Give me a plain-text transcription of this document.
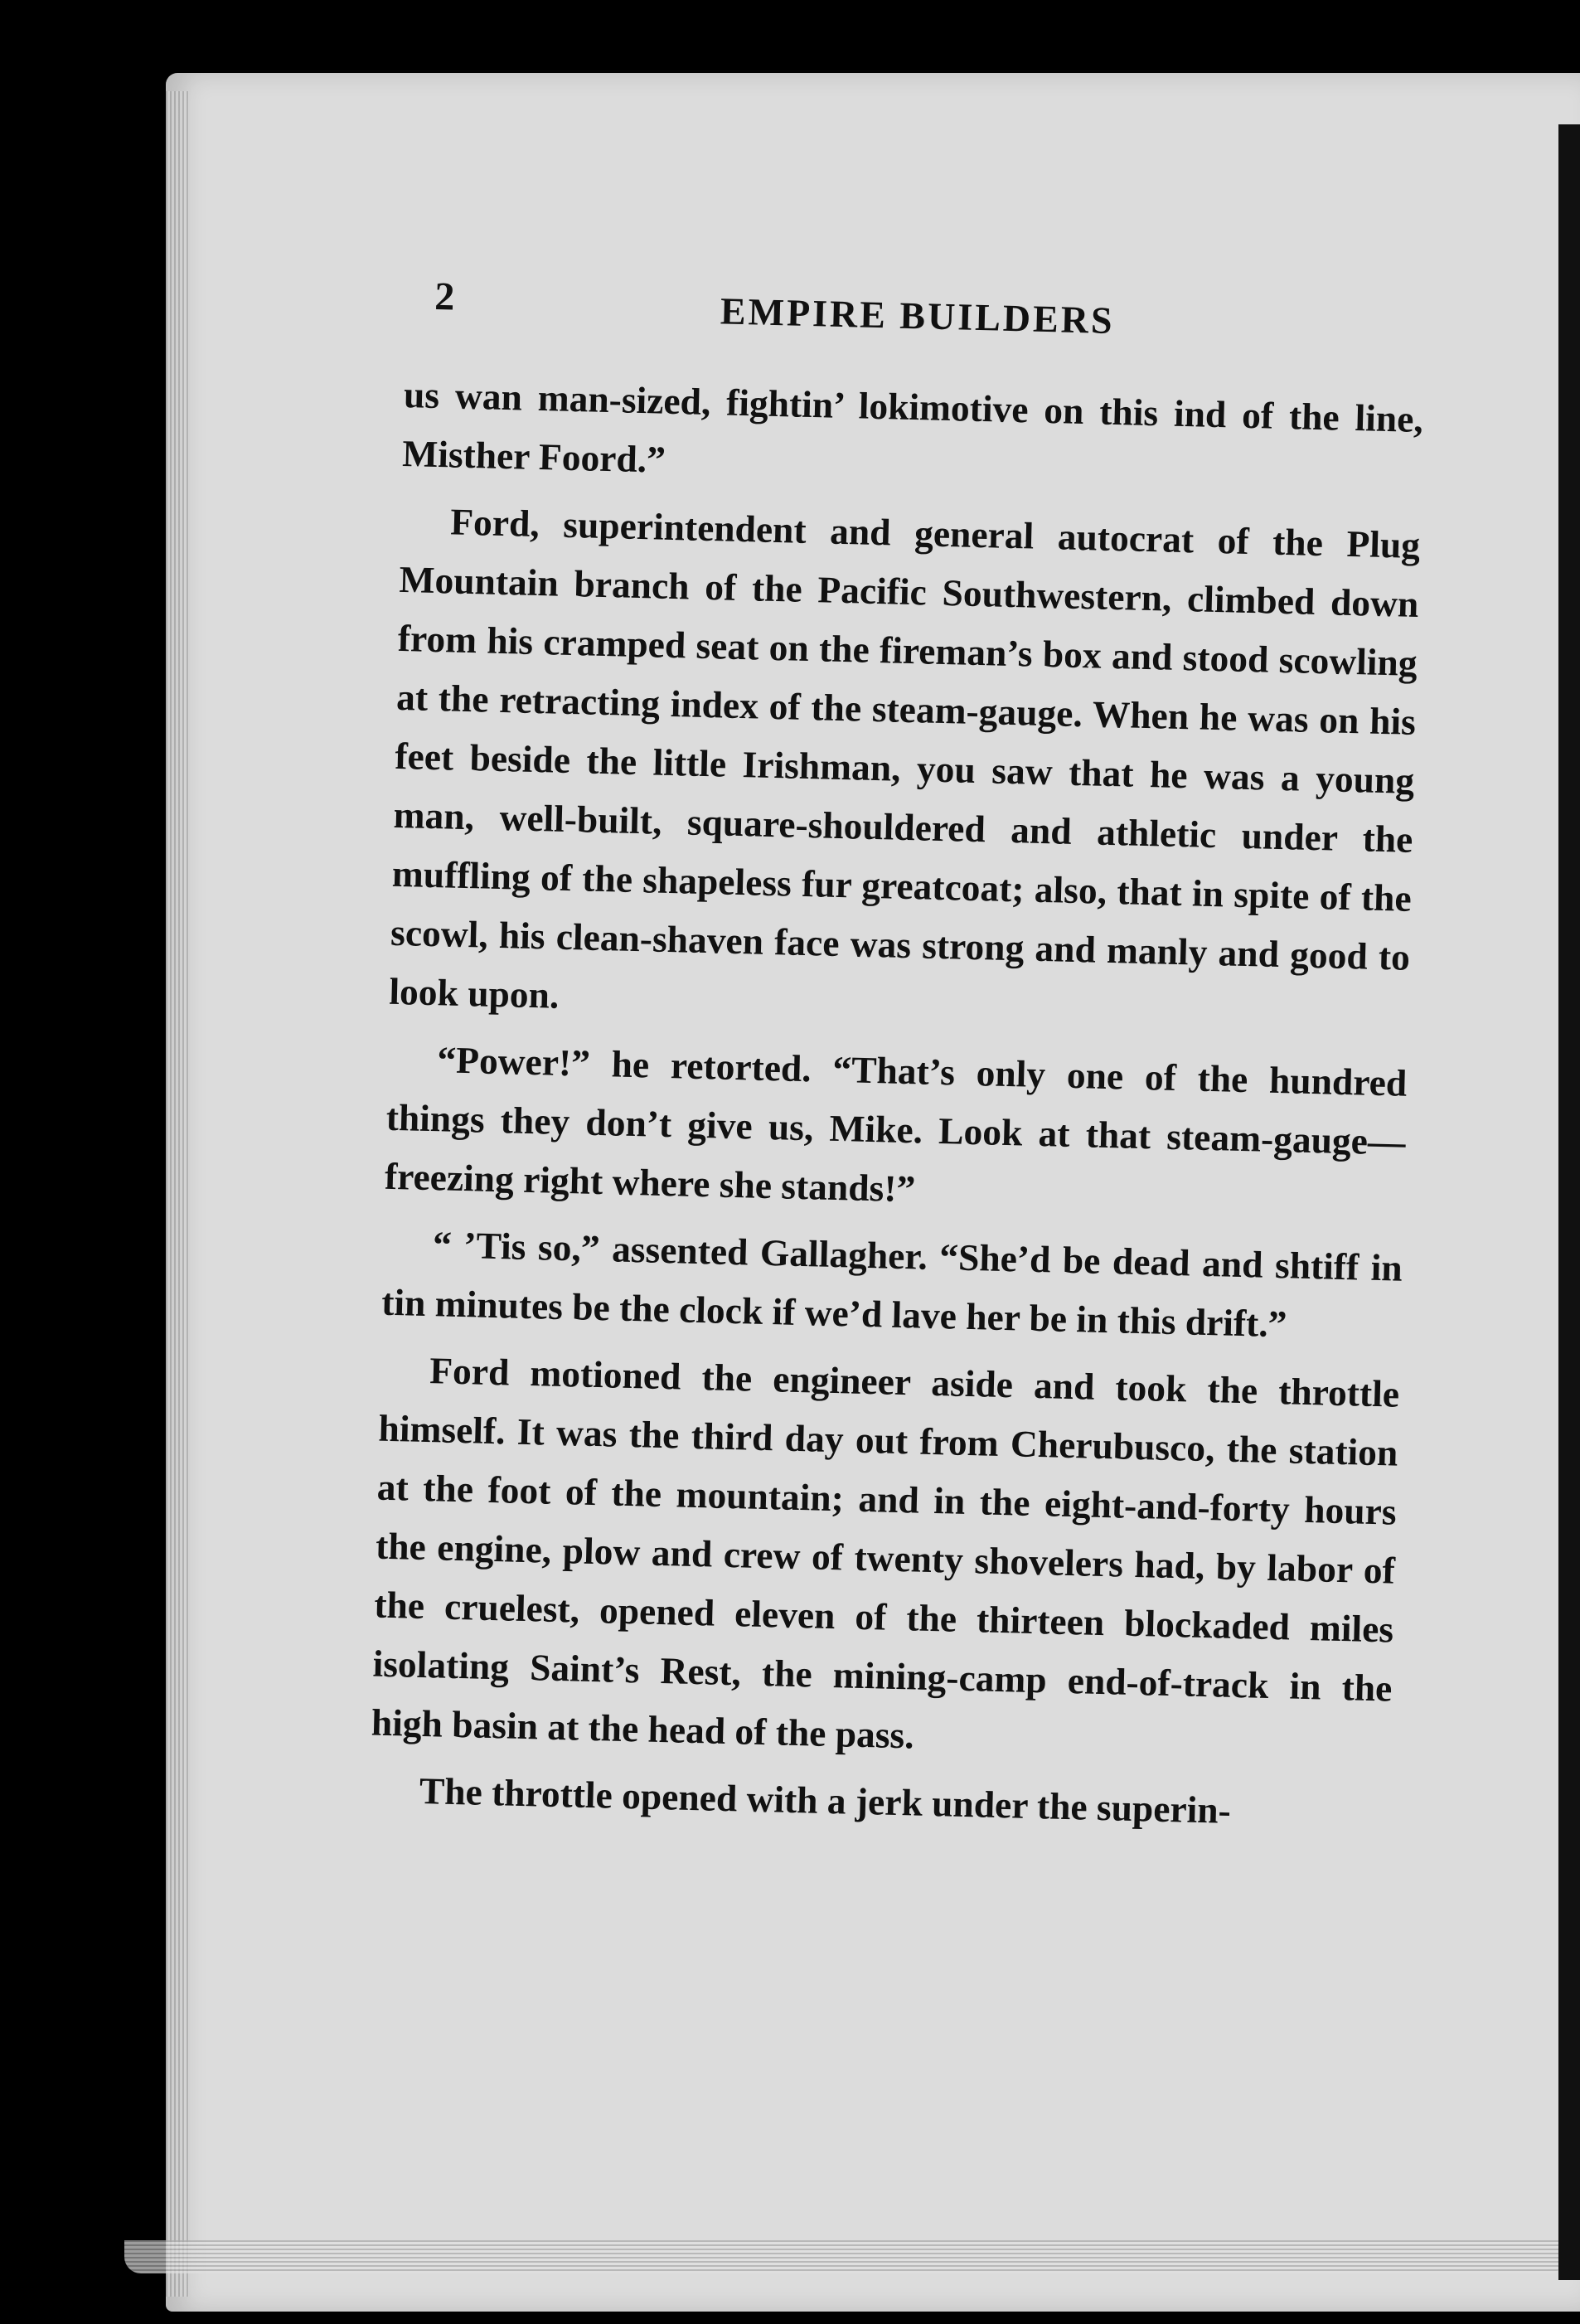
2	EMPIRE BUILDERS

us wan man-sized, fightin’ lokimotive on this ind of the line, Misther Foord.”

Ford, superintendent and general autocrat of the Plug Mountain branch of the Pacific Southwestern, climbed down from his cramped seat on the fireman’s box and stood scowling at the retracting index of the steam-gauge. When he was on his feet beside the little Irishman, you saw that he was a young man, well-built, square-shouldered and athletic under the muffling of the shapeless fur greatcoat; also, that in spite of the scowl, his clean-shaven face was strong and manly and good to look upon.

“Power!” he retorted. “That’s only one of the hundred things they don’t give us, Mike. Look at that steam-gauge—freezing right where she stands!”

“ ’Tis so,” assented Gallagher. “She’d be dead and shtiff in tin minutes be the clock if we’d lave her be in this drift.”

Ford motioned the engineer aside and took the throttle himself. It was the third day out from Cherubusco, the station at the foot of the mountain; and in the eight-and-forty hours the engine, plow and crew of twenty shovelers had, by labor of the cruelest, opened eleven of the thirteen blockaded miles isolating Saint’s Rest, the mining-camp end-of-track in the high basin at the head of the pass.

The throttle opened with a jerk under the superin-
